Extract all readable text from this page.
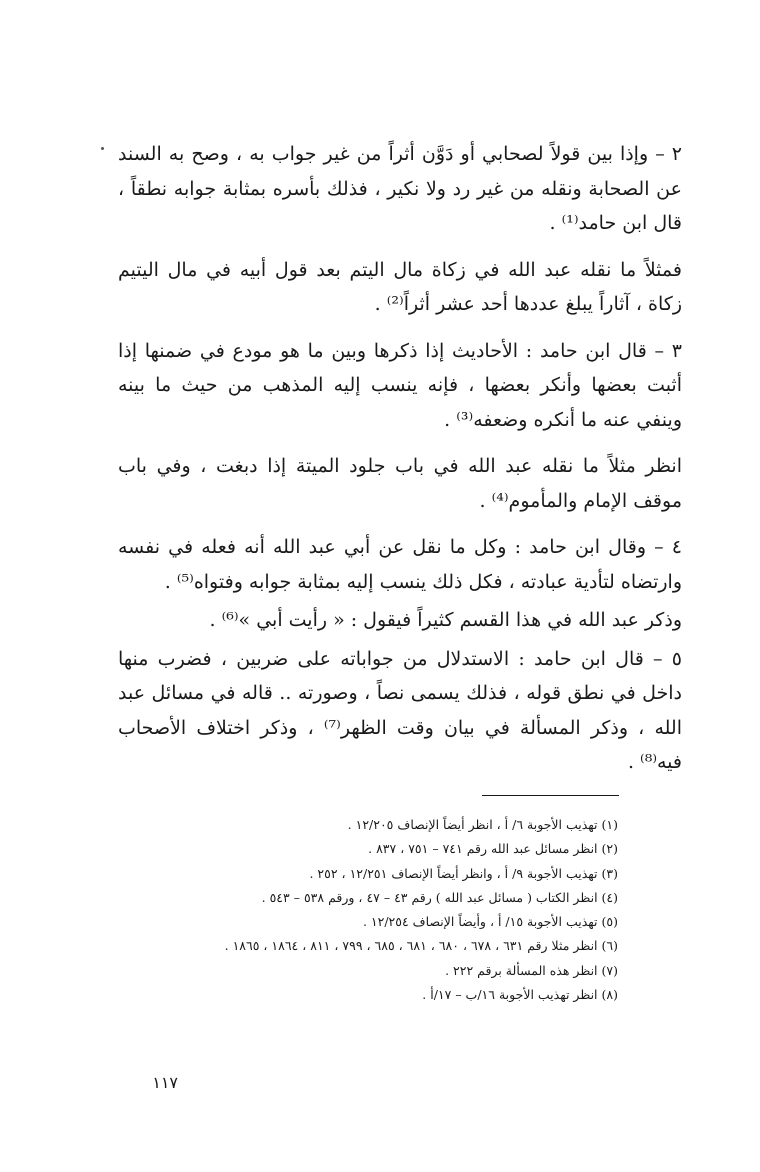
٢ – وإذا بين قولاً لصحابي أو دَوَّن أثراً من غير جواب به ، وصح به السند عن الصحابة ونقله من غير رد ولا نكير ، فذلك بأسره بمثابة جوابه نطقاً ، قال ابن حامد⁽¹⁾ .

فمثلاً ما نقله عبد الله في زكاة مال اليتم بعد قول أبيه في مال اليتيم زكاة ، آثاراً يبلغ عددها أحد عشر أثراً⁽²⁾ .

٣ – قال ابن حامد : الأحاديث إذا ذكرها وبين ما هو مودع في ضمنها إذا أثبت بعضها وأنكر بعضها ، فإنه ينسب إليه المذهب من حيث ما بينه وينفي عنه ما أنكره وضعفه⁽³⁾ .

انظر مثلاً ما نقله عبد الله في باب جلود الميتة إذا دبغت ، وفي باب موقف الإمام والمأموم⁽⁴⁾ .

٤ – وقال ابن حامد : وكل ما نقل عن أبي عبد الله أنه فعله في نفسه وارتضاه لتأدية عبادته ، فكل ذلك ينسب إليه بمثابة جوابه وفتواه⁽⁵⁾ .

وذكر عبد الله في هذا القسم كثيراً فيقول : « رأيت أبي »⁽⁶⁾ .

٥ – قال ابن حامد : الاستدلال من جواباته على ضربين ، فضرب منها داخل في نطق قوله ، فذلك يسمى نصاً ، وصورته .. قاله في مسائل عبد الله ، وذكر المسألة في بيان وقت الظهر⁽⁷⁾ ، وذكر اختلاف الأصحاب فيه⁽⁸⁾ .

(١) تهذيب الأجوبة ٦/ أ ، انظر أيضاً الإنصاف ١٢/٢٠٥ .

(٢) انظر مسائل عبد الله رقم ٧٤١ – ٧٥١ ، ٨٣٧ .

(٣) تهذيب الأجوبة ٩/ أ ، وانظر أيضاً الإنصاف ١٢/٢٥١ ، ٢٥٢ .

(٤) انظر الكتاب ( مسائل عبد الله ) رقم ٤٣ – ٤٧ ، ورقم ٥٣٨ – ٥٤٣ .

(٥) تهذيب الأجوبة ١٥/ أ ، وأيضاً الإنصاف ١٢/٢٥٤ .

(٦) انظر مثلا رقم ٦٣١ ، ٦٧٨ ، ٦٨٠ ، ٦٨١ ، ٦٨٥ ، ٧٩٩ ، ٨١١ ، ١٨٦٤ ، ١٨٦٥ .

(٧) انظر هذه المسألة برقم ٢٢٢ .

(٨) انظر تهذيب الأجوبة ١٦/ب – ١٧/أ .

١١٧
